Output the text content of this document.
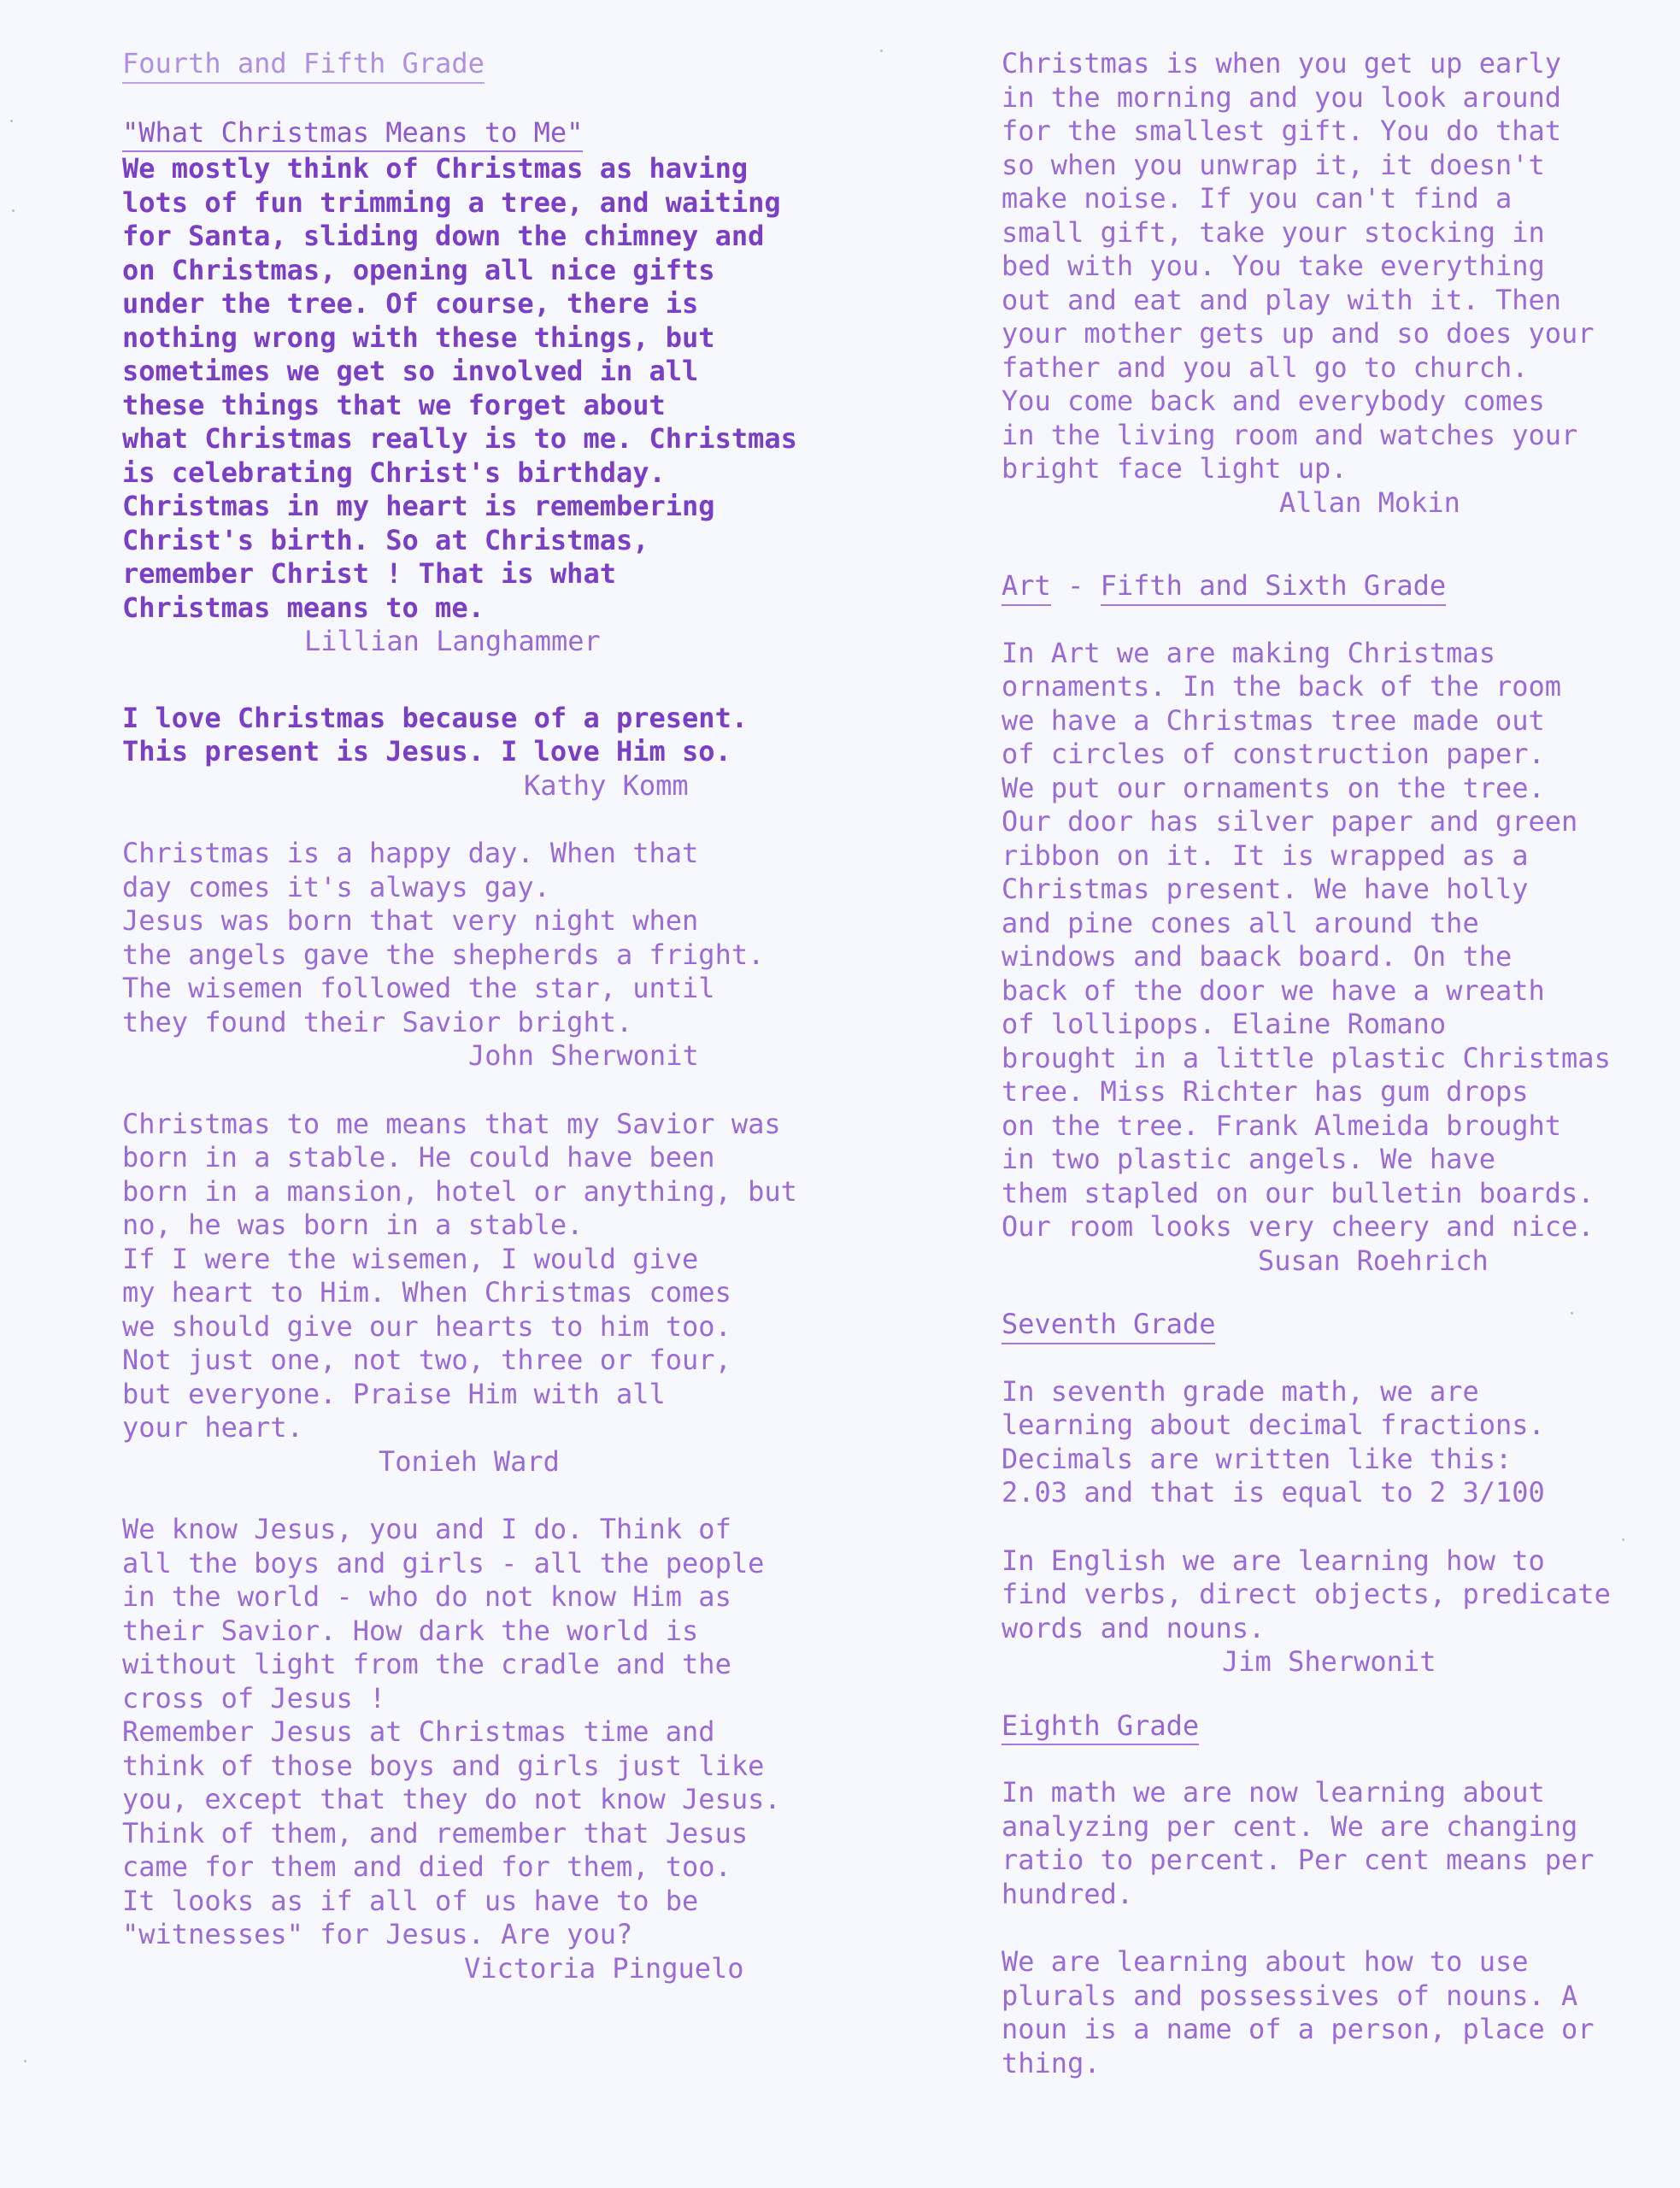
Fourth and Fifth Grade
"What Christmas Means to Me"
We mostly think of Christmas as having
lots of fun trimming a tree, and waiting
for Santa, sliding down the chimney and
on Christmas, opening all nice gifts
under the tree. Of course, there is
nothing wrong with these things, but
sometimes we get so involved in all
these things that we forget about
what Christmas really is to me. Christmas
is celebrating Christ's birthday.
Christmas in my heart is remembering
Christ's birth. So at Christmas,
remember Christ ! That is what
Christmas means to me.
Lillian Langhammer
I love Christmas because of a present.
This present is Jesus. I love Him so.
Kathy Komm
Christmas is a happy day. When that
day comes it's always gay.
Jesus was born that very night when
the angels gave the shepherds a fright.
The wisemen followed the star, until
they found their Savior bright.
John Sherwonit
Christmas to me means that my Savior was
born in a stable. He could have been
born in a mansion, hotel or anything, but
no, he was born in a stable.
If I were the wisemen, I would give
my heart to Him. When Christmas comes
we should give our hearts to him too.
Not just one, not two, three or four,
but everyone. Praise Him with all
your heart.
Tonieh Ward
We know Jesus, you and I do. Think of
all the boys and girls - all the people
in the world - who do not know Him as
their Savior. How dark the world is
without light from the cradle and the
cross of Jesus !
Remember Jesus at Christmas time and
think of those boys and girls just like
you, except that they do not know Jesus.
Think of them, and remember that Jesus
came for them and died for them, too.
It looks as if all of us have to be
"witnesses" for Jesus. Are you?
Victoria Pinguelo
Christmas is when you get up early
in the morning and you look around
for the smallest gift. You do that
so when you unwrap it, it doesn't
make noise. If you can't find a
small gift, take your stocking in
bed with you. You take everything
out and eat and play with it. Then
your mother gets up and so does your
father and you all go to church.
You come back and everybody comes
in the living room and watches your
bright face light up.
Allan Mokin
Art - Fifth and Sixth Grade
In Art we are making Christmas
ornaments. In the back of the room
we have a Christmas tree made out
of circles of construction paper.
We put our ornaments on the tree.
Our door has silver paper and green
ribbon on it. It is wrapped as a
Christmas present. We have holly
and pine cones all around the
windows and baack board. On the
back of the door we have a wreath
of lollipops. Elaine Romano
brought in a little plastic Christmas
tree. Miss Richter has gum drops
on the tree. Frank Almeida brought
in two plastic angels. We have
them stapled on our bulletin boards.
Our room looks very cheery and nice.
Susan Roehrich
Seventh Grade
In seventh grade math, we are
learning about decimal fractions.
Decimals are written like this:
2.03 and that is equal to 2 3/100
In English we are learning how to
find verbs, direct objects, predicate
words and nouns.
Jim Sherwonit
Eighth Grade
In math we are now learning about
analyzing per cent. We are changing
ratio to percent. Per cent means per
hundred.
We are learning about how to use
plurals and possessives of nouns. A
noun is a name of a person, place or
thing.
